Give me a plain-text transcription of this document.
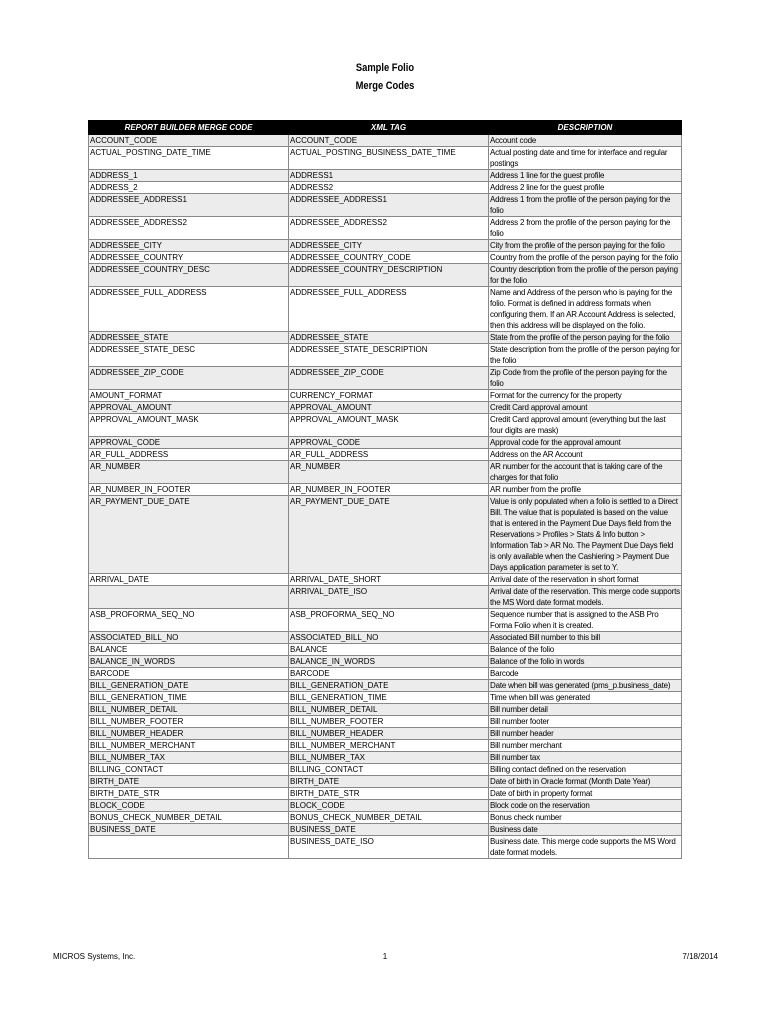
Sample Folio
Merge Codes
REPORT BUILDER MERGE CODE	XML TAG	DESCRIPTION
ACCOUNT_CODE	ACCOUNT_CODE	Account code
ACTUAL_POSTING_DATE_TIME	ACTUAL_POSTING_BUSINESS_DATE_TIME	Actual posting date and time for interface and regular postings
ADDRESS_1	ADDRESS1	Address 1 line for the guest profile
ADDRESS_2	ADDRESS2	Address 2 line for the guest profile
ADDRESSEE_ADDRESS1	ADDRESSEE_ADDRESS1	Address 1 from the profile of the person paying for the folio
ADDRESSEE_ADDRESS2	ADDRESSEE_ADDRESS2	Address 2 from the profile of the person paying for the folio
ADDRESSEE_CITY	ADDRESSEE_CITY	City from the profile of the person paying for the folio
ADDRESSEE_COUNTRY	ADDRESSEE_COUNTRY_CODE	Country from the profile of the person paying for the folio
ADDRESSEE_COUNTRY_DESC	ADDRESSEE_COUNTRY_DESCRIPTION	Country description from the profile of the person paying for the folio
ADDRESSEE_FULL_ADDRESS	ADDRESSEE_FULL_ADDRESS	Name and Address of the person who is paying for the folio. Format is defined in address formats when configuring them. If an AR Account Address is selected, then this address will be displayed on the folio.
ADDRESSEE_STATE	ADDRESSEE_STATE	State from the profile of the person paying for the folio
ADDRESSEE_STATE_DESC	ADDRESSEE_STATE_DESCRIPTION	State description from the profile of the person paying for the folio
ADDRESSEE_ZIP_CODE	ADDRESSEE_ZIP_CODE	Zip Code from the profile of the person paying for the folio
AMOUNT_FORMAT	CURRENCY_FORMAT	Format for the currency for the property
APPROVAL_AMOUNT	APPROVAL_AMOUNT	Credit Card approval amount
APPROVAL_AMOUNT_MASK	APPROVAL_AMOUNT_MASK	Credit Card approval amount (everything but the last four digits are mask)
APPROVAL_CODE	APPROVAL_CODE	Approval code for the approval amount
AR_FULL_ADDRESS	AR_FULL_ADDRESS	Address on the AR Account
AR_NUMBER	AR_NUMBER	AR number for the account that is taking care of the charges for that folio
AR_NUMBER_IN_FOOTER	AR_NUMBER_IN_FOOTER	AR number from the profile
AR_PAYMENT_DUE_DATE	AR_PAYMENT_DUE_DATE	Value is only populated when a folio is settled to a Direct Bill. The value that is populated is based on the value that is entered in the Payment Due Days field from the Reservations > Profiles > Stats & Info button > Information Tab > AR No. The Payment Due Days field is only available when the Cashiering > Payment Due Days application parameter is set to Y.
ARRIVAL_DATE	ARRIVAL_DATE_SHORT	Arrival date of the reservation in short format
	ARRIVAL_DATE_ISO	Arrival date of the reservation. This merge code supports the MS Word date format models.
ASB_PROFORMA_SEQ_NO	ASB_PROFORMA_SEQ_NO	Sequence number that is assigned to the ASB Pro Forma Folio when it is created.
ASSOCIATED_BILL_NO	ASSOCIATED_BILL_NO	Associated Bill number to this bill
BALANCE	BALANCE	Balance of the folio
BALANCE_IN_WORDS	BALANCE_IN_WORDS	Balance of the folio in words
BARCODE	BARCODE	Barcode
BILL_GENERATION_DATE	BILL_GENERATION_DATE	Date when bill was generated (pms_p.business_date)
BILL_GENERATION_TIME	BILL_GENERATION_TIME	Time when bill was generated
BILL_NUMBER_DETAIL	BILL_NUMBER_DETAIL	Bill number detail
BILL_NUMBER_FOOTER	BILL_NUMBER_FOOTER	Bill number footer
BILL_NUMBER_HEADER	BILL_NUMBER_HEADER	Bill number header
BILL_NUMBER_MERCHANT	BILL_NUMBER_MERCHANT	Bill number merchant
BILL_NUMBER_TAX	BILL_NUMBER_TAX	Bill number tax
BILLING_CONTACT	BILLING_CONTACT	Billing contact defined on the reservation
BIRTH_DATE	BIRTH_DATE	Date of birth in Oracle format (Month Date Year)
BIRTH_DATE_STR	BIRTH_DATE_STR	Date of birth in property format
BLOCK_CODE	BLOCK_CODE	Block code on the reservation
BONUS_CHECK_NUMBER_DETAIL	BONUS_CHECK_NUMBER_DETAIL	Bonus check number
BUSINESS_DATE	BUSINESS_DATE	Business date
	BUSINESS_DATE_ISO	Business date. This merge code supports the MS Word date format models.
MICROS Systems, Inc.	1	7/18/2014
